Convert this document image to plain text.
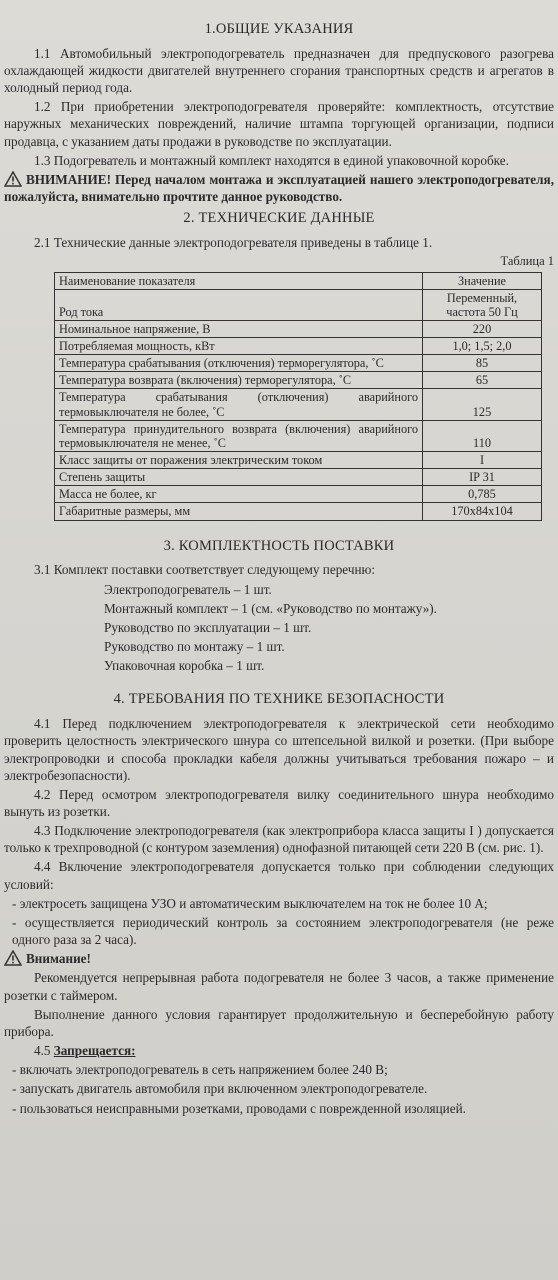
1.ОБЩИЕ УКАЗАНИЯ

1.1 Автомобильный электроподогреватель предназначен для предпускового разогрева охлаждающей жидкости двигателей внутреннего сгорания транспортных средств и агрегатов в холодный период года.

1.2 При приобретении электроподогревателя проверяйте: комплектность, отсутствие наружных механических повреждений, наличие штампа торгующей организации, подписи продавца, с указанием даты продажи в руководстве по эксплуатации.

1.3 Подогреватель и монтажный комплект находятся в единой упаковочной коробке.

ВНИМАНИЕ! Перед началом монтажа и эксплуатацией нашего электроподогревателя, пожалуйста, внимательно прочтите данное руководство.

2. ТЕХНИЧЕСКИЕ ДАННЫЕ

2.1 Технические данные электроподогревателя приведены в таблице 1.

Таблица 1

Наименование показателя	Значение
Род тока	Переменный, частота 50 Гц
Номинальное напряжение, В	220
Потребляемая мощность, кВт	1,0; 1,5; 2,0
Температура срабатывания (отключения) терморегулятора, ˚С	85
Температура возврата (включения) терморегулятора, ˚С	65
Температура срабатывания (отключения) аварийного термовыключателя не более, ˚С	125
Температура принудительного возврата (включения) аварийного термовыключателя не менее, ˚С	110
Класс защиты от поражения электрическим током	I
Степень защиты	IP 31
Масса не более, кг	0,785
Габаритные размеры, мм	170x84x104
3. КОМПЛЕКТНОСТЬ ПОСТАВКИ

3.1 Комплект поставки соответствует следующему перечню:

Электроподогреватель – 1 шт.

Монтажный комплект – 1 (см. «Руководство по монтажу»).

Руководство по эксплуатации – 1 шт.

Руководство по монтажу – 1 шт.

Упаковочная коробка – 1 шт.

4. ТРЕБОВАНИЯ ПО ТЕХНИКЕ БЕЗОПАСНОСТИ

4.1 Перед подключением электроподогревателя к электрической сети необходимо проверить целостность электрического шнура со штепсельной вилкой и розетки. (При выборе электропроводки и способа прокладки кабеля должны учитываться требования пожаро – и электробезопасности).

4.2 Перед осмотром электроподогревателя вилку соединительного шнура необходимо вынуть из розетки.

4.3 Подключение электроподогревателя (как электроприбора класса защиты I ) допускается только к трехпроводной (с контуром заземления) однофазной питающей сети 220 В (см. рис. 1).

4.4 Включение электроподогревателя допускается только при соблюдении следующих условий:

- электросеть защищена УЗО и автоматическим выключателем на ток не более 10 А;

- осуществляется периодический контроль за состоянием электроподогревателя (не реже одного раза за 2 часа).

Внимание!

Рекомендуется непрерывная работа подогревателя не более 3 часов, а также применение розетки с таймером.

Выполнение данного условия гарантирует продолжительную и бесперебойную работу прибора.

4.5 Запрещается:

- включать электроподогреватель в сеть напряжением более 240 В;

- запускать двигатель автомобиля при включенном электроподогревателе.

- пользоваться неисправными розетками, проводами с поврежденной изоляцией.
